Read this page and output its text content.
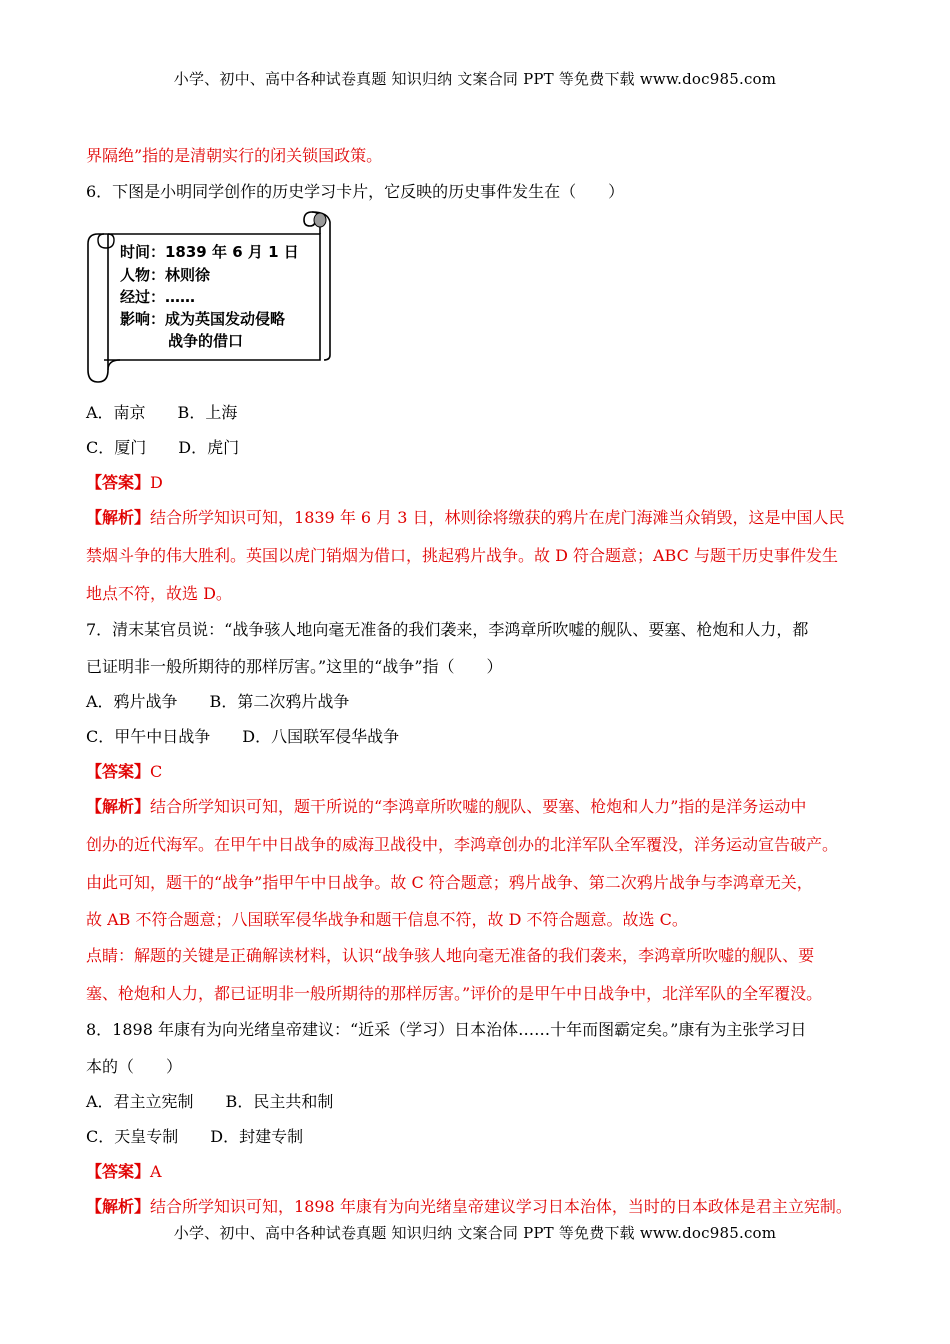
小学、初中、高中各种试卷真题 知识归纳 文案合同 PPT 等免费下载 www.doc985.com
界隔绝”指的是清朝实行的闭关锁国政策。
6．下图是小明同学创作的历史学习卡片，它反映的历史事件发生在（　　）
时间：1839 年 6 月 1 日
人物：林则徐
经过：……
影响：成为英国发动侵略
战争的借口
A．南京　　B．上海
C．厦门　　D．虎门
【答案】D
【解析】结合所学知识可知，1839 年 6 月 3 日，林则徐将缴获的鸦片在虎门海滩当众销毁，这是中国人民
禁烟斗争的伟大胜利。英国以虎门销烟为借口，挑起鸦片战争。故 D 符合题意；ABC 与题干历史事件发生
地点不符，故选 D。
7．清末某官员说：“战争骇人地向毫无准备的我们袭来，李鸿章所吹嘘的舰队、要塞、枪炮和人力，都
已证明非一般所期待的那样厉害。”这里的“战争”指（　　）
A．鸦片战争　　B．第二次鸦片战争
C．甲午中日战争　　D．八国联军侵华战争
【答案】C
【解析】结合所学知识可知，题干所说的“李鸿章所吹嘘的舰队、要塞、枪炮和人力”指的是洋务运动中
创办的近代海军。在甲午中日战争的威海卫战役中，李鸿章创办的北洋军队全军覆没，洋务运动宣告破产。
由此可知，题干的“战争”指甲午中日战争。故 C 符合题意；鸦片战争、第二次鸦片战争与李鸿章无关，
故 AB 不符合题意；八国联军侵华战争和题干信息不符，故 D 不符合题意。故选 C。
点睛：解题的关键是正确解读材料，认识“战争骇人地向毫无准备的我们袭来，李鸿章所吹嘘的舰队、要
塞、枪炮和人力，都已证明非一般所期待的那样厉害。”评价的是甲午中日战争中，北洋军队的全军覆没。
8．1898 年康有为向光绪皇帝建议：“近采（学习）日本治体……十年而图霸定矣。”康有为主张学习日
本的（　　）
A．君主立宪制　　B．民主共和制
C．天皇专制　　D．封建专制
【答案】A
【解析】结合所学知识可知，1898 年康有为向光绪皇帝建议学习日本治体，当时的日本政体是君主立宪制。
小学、初中、高中各种试卷真题 知识归纳 文案合同 PPT 等免费下载 www.doc985.com
